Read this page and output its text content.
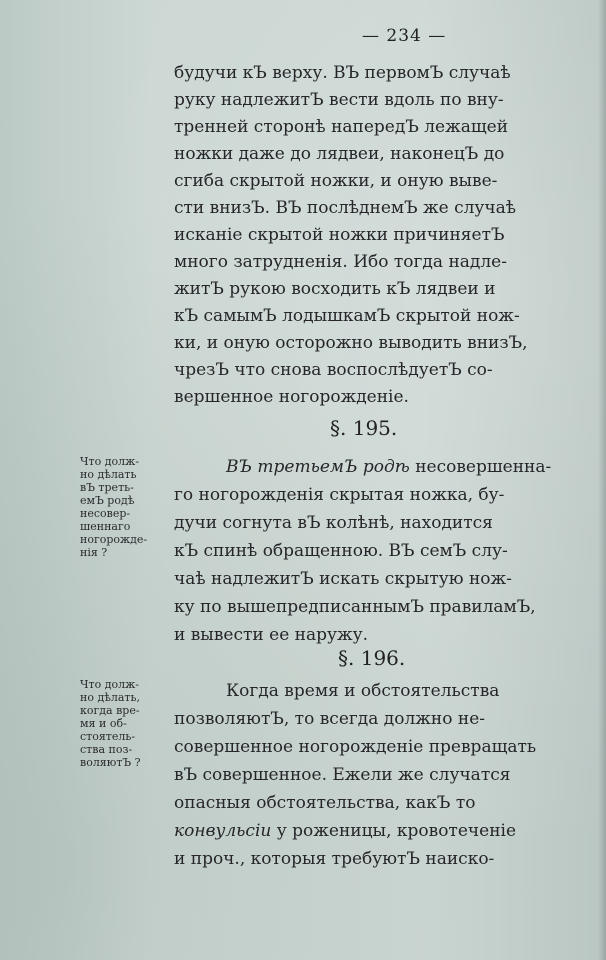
— 234 —
будучи кЪ верху. ВЪ первомЪ случаѣ
руку надлежитЪ вести вдоль по вну-
тренней сторонѣ напередЪ лежащей
ножки даже до лядвеи, наконецЪ до
сгиба скрытой ножки, и оную выве-
сти внизЪ. ВЪ послѣднемЪ же случаѣ
исканіе скрытой ножки причиняетЪ
много затрудненія. Ибо тогда надле-
житЪ рукою восходить кЪ лядвеи и
кЪ самымЪ лодышкамЪ скрытой нож-
ки, и оную осторожно выводить внизЪ,
чрезЪ что снова воспослѣдуетЪ со-
вершенное ногорожденіе.
§. 195.
Что долж-
но дѣлать
вЪ треть-
емЪ родѣ
несовер-
шеннаго
ногорожде-
нія ?
ВЪ третьемЪ родѣ несовершенна-
го ногорожденія скрытая ножка, бу-
дучи согнута вЪ колѣнѣ, находится
кЪ спинѣ обращенною. ВЪ семЪ слу-
чаѣ надлежитЪ искать скрытую нож-
ку по вышепредписаннымЪ правиламЪ,
и вывести ее наружу.
§. 196.
Что долж-
но дѣлать,
когда вре-
мя и об-
стоятель-
ства поз-
воляютЪ ?
Когда время и обстоятельства
позволяютЪ, то всегда должно не-
совершенное ногорожденіе превращать
вЪ совершенное. Ежели же случатся
опасныя обстоятельства, какЪ то
конвульсіи у роженицы, кровотеченіе
и проч., которыя требуютЪ наиско-
